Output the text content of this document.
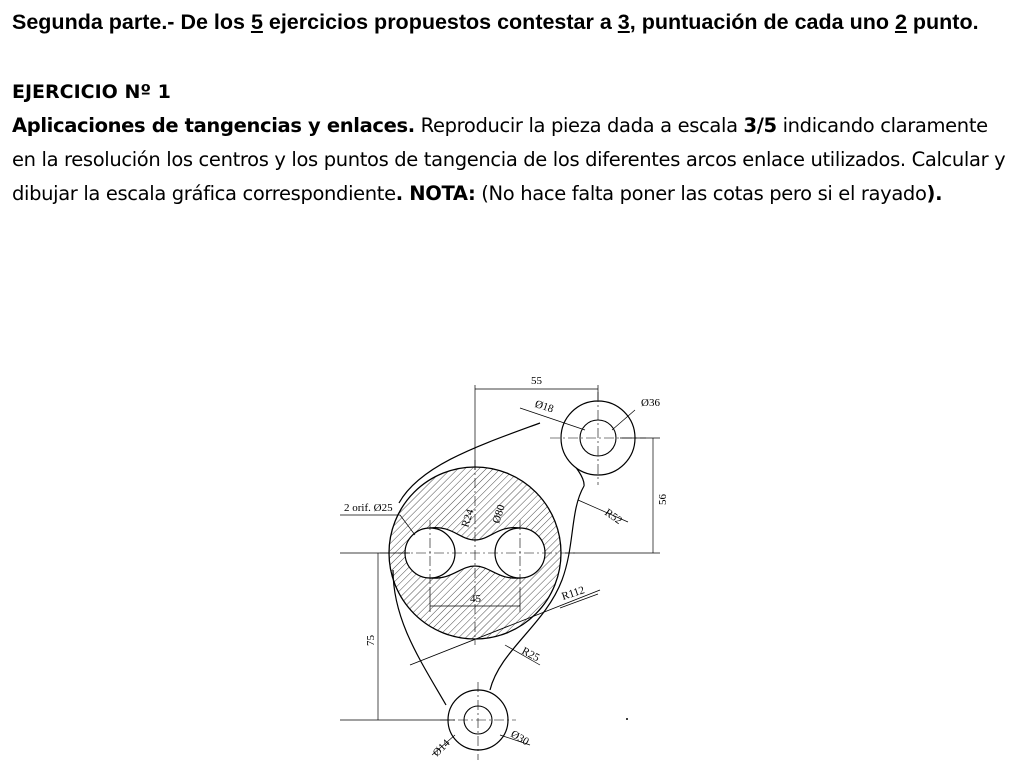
Segunda parte.- De los 5 ejercicios propuestos contestar a 3, puntuación de cada uno 2 punto.

EJERCICIO Nº 1

Aplicaciones de tangencias y enlaces. Reproducir la pieza dada a escala 3/5 indicando claramente en la resolución los centros y los puntos de tangencia de los diferentes arcos enlace utilizados. Calcular y dibujar la escala gráfica correspondiente. NOTA: (No hace falta poner las cotas pero si el rayado).

55
Ø18	Ø36
56
R52
2 orif. Ø25	R24 Ø80
45	R112
75
R25
Ø14	Ø30
